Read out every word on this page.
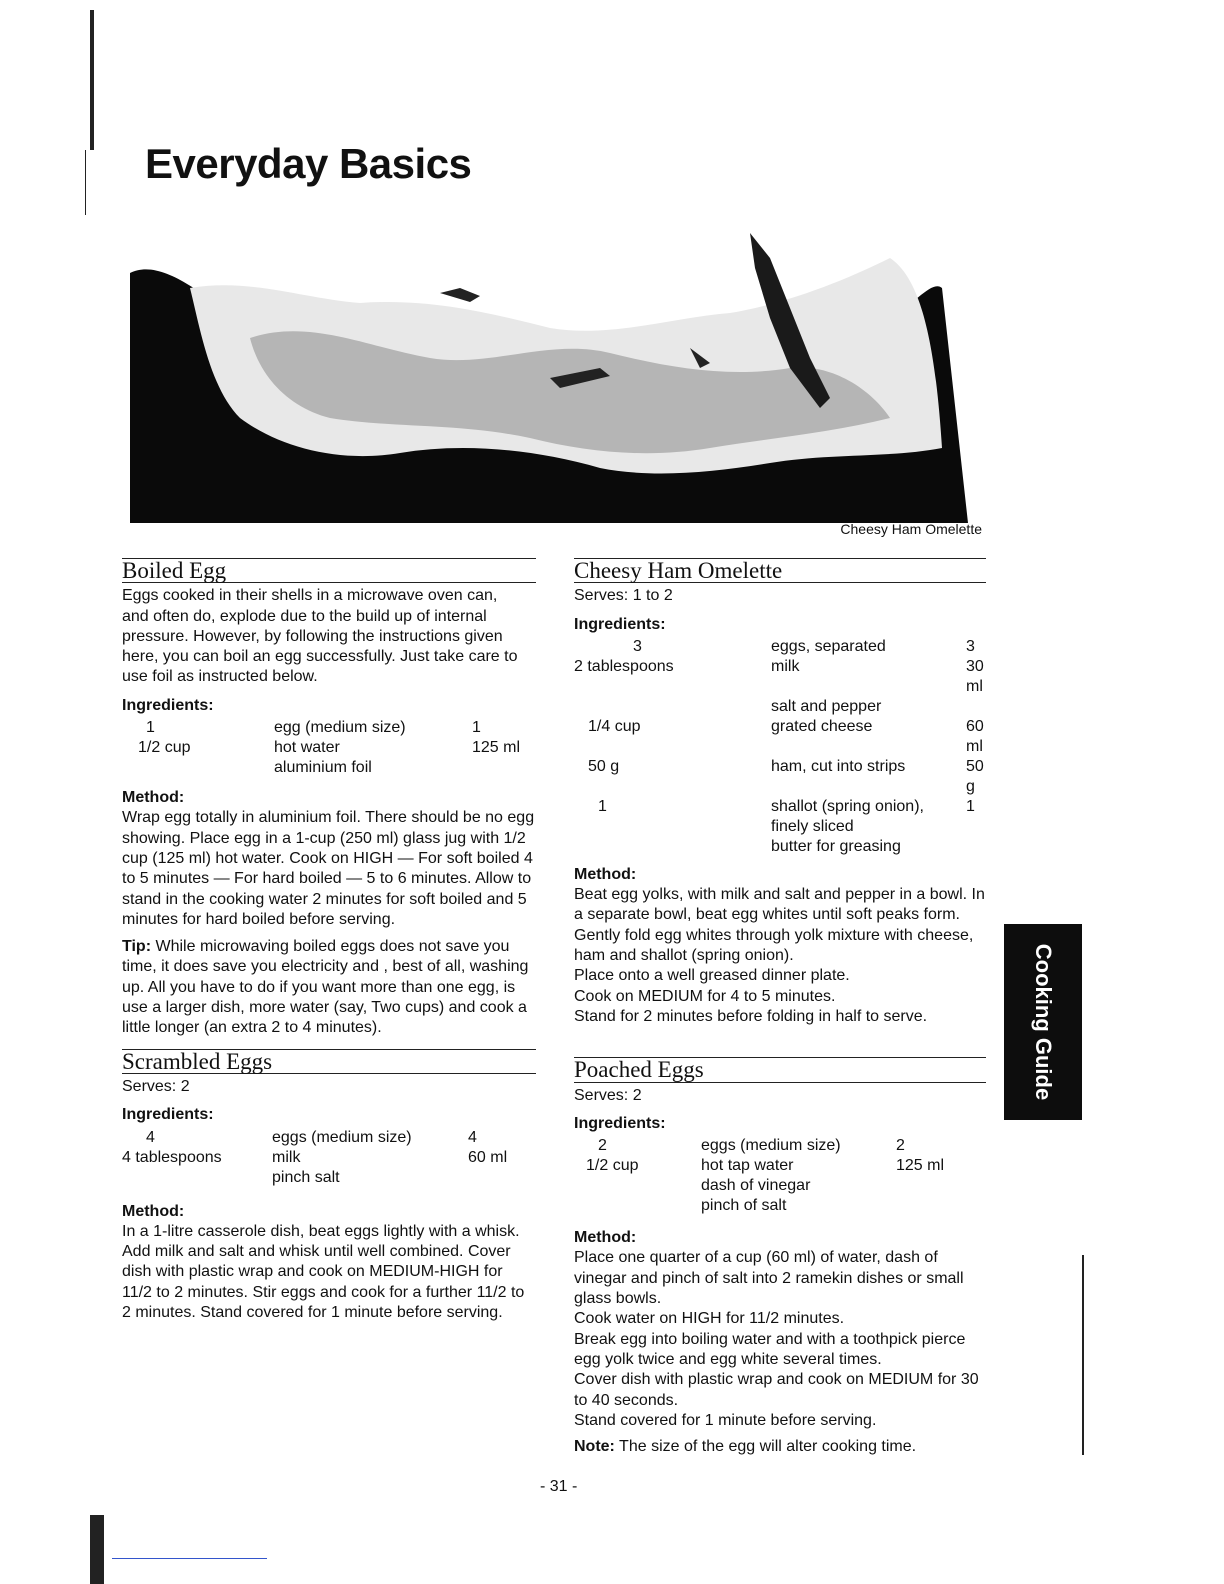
Everyday Basics
Cheesy Ham Omelette
Boiled Egg

Eggs cooked in their shells in a microwave oven can, and often do, explode due to the build up of internal pressure. However, by following the instructions given here, you can boil an egg successfully. Just take care to use foil as instructed below.

Ingredients:
1	egg (medium size)	1
1/2 cup	hot water	125 ml
	aluminium foil	
Method:

Wrap egg totally in aluminium foil. There should be no egg showing. Place egg in a 1-cup (250 ml) glass jug with 1/2 cup (125 ml) hot water. Cook on HIGH — For soft boiled 4 to 5 minutes — For hard boiled — 5 to 6 minutes. Allow to stand in the cooking water 2 minutes for soft boiled and 5 minutes for hard boiled before serving.

Tip: While microwaving boiled eggs does not save you time, it does save you electricity and , best of all, washing up. All you have to do if you want more than one egg, is use a larger dish, more water (say, Two cups) and cook a little longer (an extra 2 to 4 minutes).

Scrambled Eggs

Serves: 2

Ingredients:
4	eggs (medium size)	4
4 tablespoons	milk	60 ml
	pinch salt	
Method:

In a 1-litre casserole dish, beat eggs lightly with a whisk. Add milk and salt and whisk until well combined. Cover dish with plastic wrap and cook on MEDIUM-HIGH for 11/2 to 2 minutes. Stir eggs and cook for a further 11/2 to 2 minutes. Stand covered for 1 minute before serving.

Cheesy Ham Omelette

Serves: 1 to 2

Ingredients:
3	eggs, separated	3
2 tablespoons	milk	30 ml
	salt and pepper	
1/4 cup	grated cheese	60 ml
50 g	ham, cut into strips	50 g
1	shallot (spring onion), finely sliced	1
	butter for greasing	
Method:

Beat egg yolks, with milk and salt and pepper in a bowl. In a separate bowl, beat egg whites until soft peaks form. Gently fold egg whites through yolk mixture with cheese, ham and shallot (spring onion).

Place onto a well greased dinner plate.

Cook on MEDIUM for 4 to 5 minutes.

Stand for 2 minutes before folding in half to serve.

Poached Eggs

Serves: 2

Ingredients:
2	eggs (medium size)	2
1/2 cup	hot tap water	125 ml
	dash of vinegar	
	pinch of salt	
Method:

Place one quarter of a cup (60 ml) of water, dash of vinegar and pinch of salt into 2 ramekin dishes or small glass bowls.

Cook water on HIGH for 11/2 minutes.

Break egg into boiling water and with a toothpick pierce egg yolk twice and egg white several times.

Cover dish with plastic wrap and cook on MEDIUM for 30 to 40 seconds.

Stand covered for 1 minute before serving.

Note: The size of the egg will alter cooking time.

Cooking Guide
- 31 -
